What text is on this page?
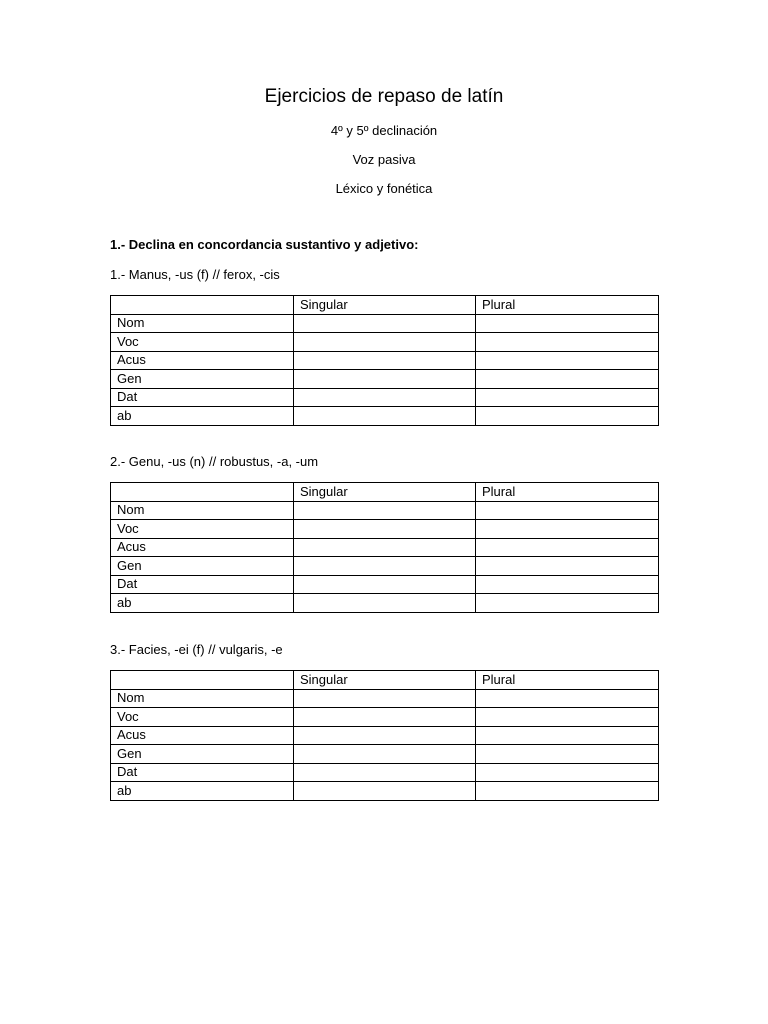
Ejercicios de repaso de latín
4º y 5º declinación
Voz pasiva
Léxico y fonética
1.- Declina en concordancia sustantivo y adjetivo:
1.- Manus, -us (f) // ferox, -cis
	Singular	Plural
Nom		
Voc		
Acus		
Gen		
Dat		
ab		
2.- Genu, -us (n) // robustus, -a, -um
	Singular	Plural
Nom		
Voc		
Acus		
Gen		
Dat		
ab		
3.- Facies, -ei (f) // vulgaris, -e
	Singular	Plural
Nom		
Voc		
Acus		
Gen		
Dat		
ab		
